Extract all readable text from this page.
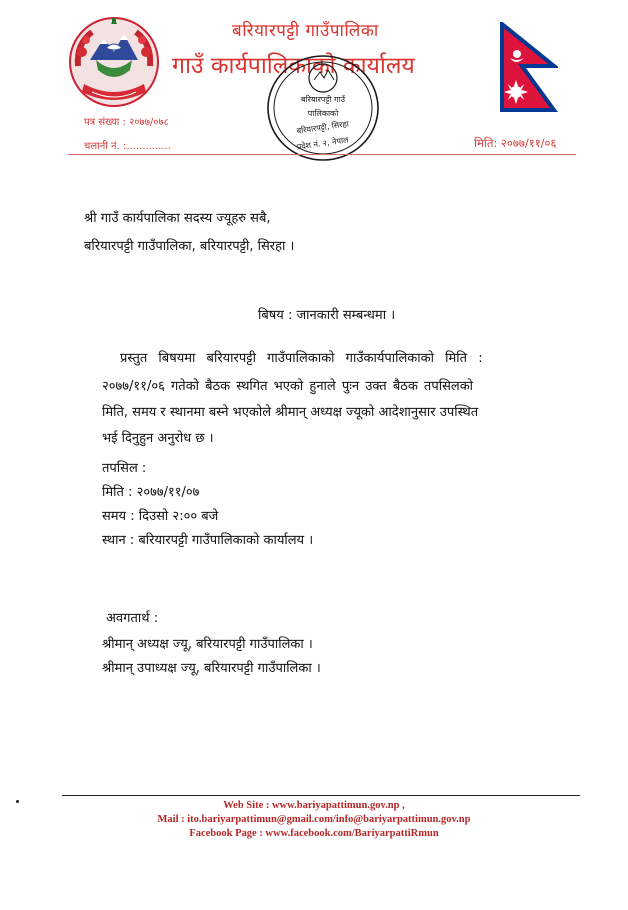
बरियारपट्टी गाउँपालिका
गाउँ कार्यपालिकाको कार्यालय
बरियारपट्टी गाउँ
पालिकाको
बरियारपट्टी, सिरहा
प्रदेश नं. २, नेपाल
पत्र संख्या : २०७७/०७८
चलानी नं. :..............	मिति: २०७७/११/०६
श्री गाउँ कार्यपालिका सदस्य ज्यूहरु सबै,
बरियारपट्टी गाउँपालिका, बरियारपट्टी, सिरहा ।
बिषय : जानकारी सम्बन्धमा ।
प्रस्तुत बिषयमा बरियारपट्टी गाउँपालिकाको गाउँकार्यपालिकाको मिति :
२०७७/११/०६ गतेको बैठक स्थगित भएको हुनाले पुःन उक्त बैठक तपसिलको
मिति, समय र स्थानमा बस्ने भएकोले श्रीमान् अध्यक्ष ज्यूको आदेशानुसार उपस्थित
भई दिनुहुन अनुरोध छ ।
तपसिल :
मिति : २०७७/११/०७
समय : दिउसो २:०० बजे
स्थान : बरियारपट्टी गाउँपालिकाको कार्यालय ।
अवगतार्थ :
श्रीमान् अध्यक्ष ज्यू, बरियारपट्टी गाउँपालिका ।
श्रीमान् उपाध्यक्ष ज्यू, बरियारपट्टी गाउँपालिका ।
Web Site : www.bariyapattimun.gov.np ,
Mail : ito.bariyarpattimun@gmail.com/info@bariyarpattimun.gov.np
Facebook Page : www.facebook.com/BariyarpattiRmun
